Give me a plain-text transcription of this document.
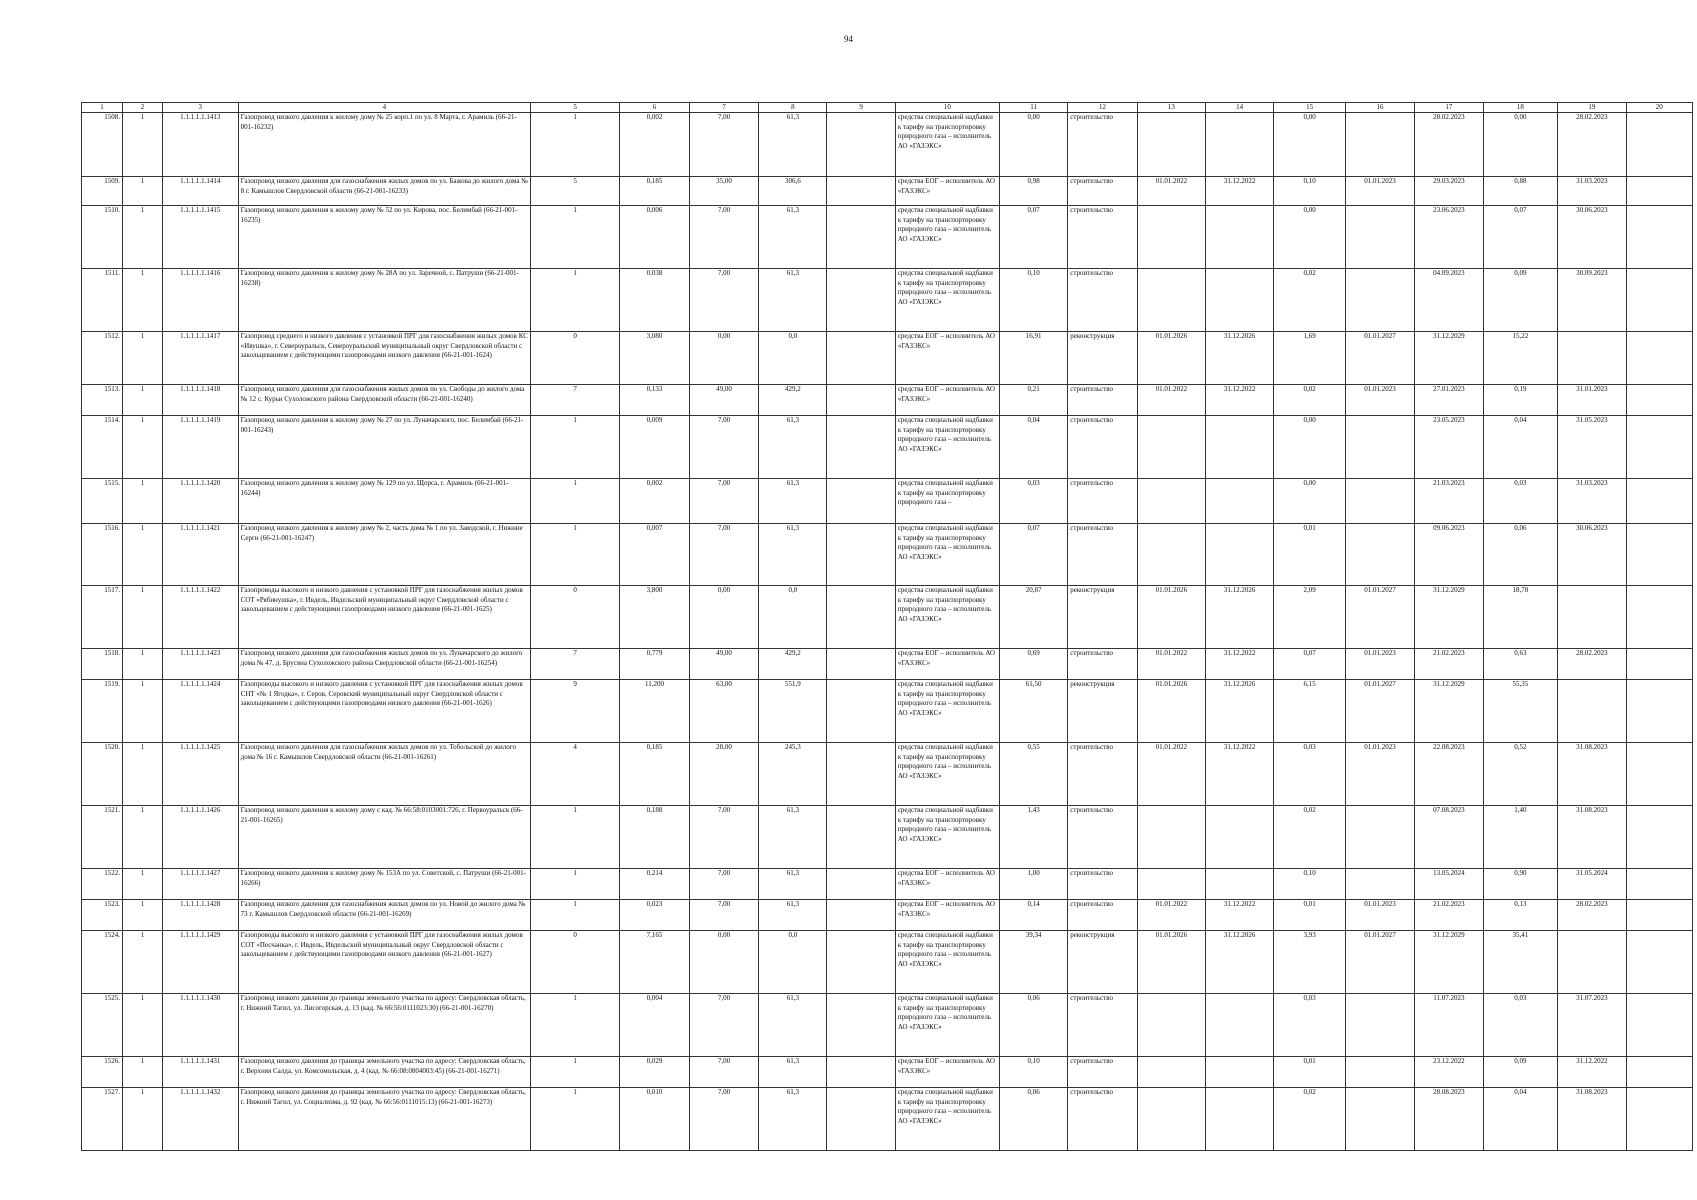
94
1	2	3	4	5	6	7	8	9	10	11	12	13	14	15	16	17	18	19	20
1508.	1	1.1.1.1.1.1413	Газопровод низкого давления к жилому дому № 25 корп.1 по ул. 8 Марта, г. Арамиль (66-21-001-16232)	1	0,002	7,00	61,3		средства специальной надбавки к тарифу на транспортировку природного газа – исполнитель АО «ГАЗЭКС»	0,00	строительство			0,00		28.02.2023	0,00	28.02.2023	
1509.	1	1.1.1.1.1.1414	Газопровод низкого давления для газоснабжения жилых домов по ул. Бажова до жилого дома № 8 г. Камышлов Свердловской области (66-21-001-16233)	5	0,185	35,00	306,6		средства ЕОГ – исполнитель АО «ГАЗЭКС»	0,98	строительство	01.01.2022	31.12.2022	0,10	01.01.2023	29.03.2023	0,88	31.03.2023	
1510.	1	1.1.1.1.1.1415	Газопровод низкого давления к жилому дому № 52 по ул. Кирова, пос. Белимбай (66-21-001-16235)	1	0,006	7,00	61,3		средства специальной надбавки к тарифу на транспортировку природного газа – исполнитель АО «ГАЗЭКС»	0,07	строительство			0,00		23.06.2023	0,07	30.06.2023	
1511.	1	1.1.1.1.1.1416	Газопровод низкого давления к жилому дому № 28А по ул. Заречной, с. Патруши (66-21-001-16238)	1	0,038	7,00	61,3		средства специальной надбавки к тарифу на транспортировку природного газа – исполнитель АО «ГАЗЭКС»	0,10	строительство			0,02		04.09.2023	0,09	30.09.2023	
1512.	1	1.1.1.1.1.1417	Газопровод среднего и низкого давления с установкой ПРГ для газоснабжения жилых домов КС «Ивушка», г. Североуральск, Североуральский муниципальный округ Свердловской области с закольцеванием с действующими газопроводами низкого давления (66-21-001-1624)	0	3,080	0,00	0,0		средства ЕОГ – исполнитель АО «ГАЗЭКС»	16,91	реконструкция	01.01.2026	31.12.2026	1,69	01.01.2027	31.12.2029	15,22		
1513.	1	1.1.1.1.1.1418	Газопровод низкого давления для газоснабжения жилых домов по ул. Свободы до жилого дома № 12 с. Курьи Сухоложского района Свердловской области (66-21-001-16240)	7	0,133	49,00	429,2		средства ЕОГ – исполнитель АО «ГАЗЭКС»	0,21	строительство	01.01.2022	31.12.2022	0,02	01.01.2023	27.01.2023	0,19	31.01.2023	
1514.	1	1.1.1.1.1.1419	Газопровод низкого давления к жилому дому № 27 по ул. Луначарского, пос. Белимбай (66-21-001-16243)	1	0,009	7,00	61,3		средства специальной надбавки к тарифу на транспортировку природного газа – исполнитель АО «ГАЗЭКС»	0,04	строительство			0,00		23.05.2023	0,04	31.05.2023	
1515.	1	1.1.1.1.1.1420	Газопровод низкого давления к жилому дому № 129 по ул. Щорса, г. Арамиль (66-21-001-16244)	1	0,002	7,00	61,3		средства специальной надбавки к тарифу на транспортировку природного газа –	0,03	строительство			0,00		21.03.2023	0,03	31.03.2023	
1516.	1	1.1.1.1.1.1421	Газопровод низкого давления к жилому дому № 2, часть дома № 1 по ул. Заводской, г. Нижние Серги (66-21-001-16247)	1	0,007	7,00	61,3		средства специальной надбавки к тарифу на транспортировку природного газа – исполнитель АО «ГАЗЭКС»	0,07	строительство			0,01		09.06.2023	0,06	30.06.2023	
1517.	1	1.1.1.1.1.1422	Газопроводы высокого и низкого давления с установкой ПРГ для газоснабжения жилых домов СОТ «Рябинушка», г. Ивдель, Ивдельский муниципальный округ Свердловской области с закольцеванием с действующими газопроводами низкого давления (66-21-001-1625)	0	3,800	0,00	0,0		средства специальной надбавки к тарифу на транспортировку природного газа – исполнитель АО «ГАЗЭКС»	20,87	реконструкция	01.01.2026	31.12.2026	2,09	01.01.2027	31.12.2029	18,78		
1518.	1	1.1.1.1.1.1423	Газопровод низкого давления для газоснабжения жилых домов по ул. Луначарского до жилого дома № 47, д. Брусяна Сухоложского района Свердловской области (66-21-001-16254)	7	0,779	49,00	429,2		средства ЕОГ – исполнитель АО «ГАЗЭКС»	0,69	строительство	01.01.2022	31.12.2022	0,07	01.01.2023	21.02.2023	0,63	28.02.2023	
1519.	1	1.1.1.1.1.1424	Газопроводы высокого и низкого давления с установкой ПРГ для газоснабжения жилых домов СНТ «№ 1 Ягодка», г. Серов, Серовский муниципальный округ Свердловской области с закольцеванием с действующими газопроводами низкого давления (66-21-001-1626)	9	11,200	63,00	551,9		средства специальной надбавки к тарифу на транспортировку природного газа – исполнитель АО «ГАЗЭКС»	61,50	реконструкция	01.01.2026	31.12.2026	6,15	01.01.2027	31.12.2029	55,35		
1520.	1	1.1.1.1.1.1425	Газопровод низкого давления для газоснабжения жилых домов по ул. Тобольской до жилого дома № 16 г. Камышлов Свердловской области (66-21-001-16261)	4	0,185	28,00	245,3		средства специальной надбавки к тарифу на транспортировку природного газа – исполнитель АО «ГАЗЭКС»	0,55	строительство	01.01.2022	31.12.2022	0,03	01.01.2023	22.08.2023	0,52	31.08.2023	
1521.	1	1.1.1.1.1.1426	Газопровод низкого давления к жилому дому с кад. № 66:58:0103001:726, г. Первоуральск (66-21-001-16265)	1	0,188	7,00	61,3		средства специальной надбавки к тарифу на транспортировку природного газа – исполнитель АО «ГАЗЭКС»	1,43	строительство			0,02		07.08.2023	1,40	31.08.2023	
1522.	1	1.1.1.1.1.1427	Газопровод низкого давления к жилому дому № 153А по ул. Советской, с. Патруши (66-21-001-16266)	1	0,214	7,00	61,3		средства ЕОГ – исполнитель АО «ГАЗЭКС»	1,00	строительство			0,10		13.05.2024	0,90	31.05.2024	
1523.	1	1.1.1.1.1.1428	Газопровод низкого давления для газоснабжения жилых домов по ул. Новой до жилого дома № 73 г. Камышлов Свердловской области (66-21-001-16269)	1	0,023	7,00	61,3		средства ЕОГ – исполнитель АО «ГАЗЭКС»	0,14	строительство	01.01.2022	31.12.2022	0,01	01.01.2023	21.02.2023	0,13	28.02.2023	
1524.	1	1.1.1.1.1.1429	Газопроводы высокого и низкого давления с установкой ПРГ для газоснабжения жилых домов СОТ «Песчанка», г. Ивдель, Ивдельский муниципальный округ Свердловской области с закольцеванием с действующими газопроводами низкого давления (66-21-001-1627)	0	7,165	0,00	0,0		средства специальной надбавки к тарифу на транспортировку природного газа – исполнитель АО «ГАЗЭКС»	39,34	реконструкция	01.01.2026	31.12.2026	3,93	01.01.2027	31.12.2029	35,41		
1525.	1	1.1.1.1.1.1430	Газопровод низкого давления до границы земельного участка по адресу: Свердловская область, г. Нижний Тагил, ул. Лисогорская, д. 13 (кад. № 66:56:0111023:30) (66-21-001-16270)	1	0,004	7,00	61,3		средства специальной надбавки к тарифу на транспортировку природного газа – исполнитель АО «ГАЗЭКС»	0,06	строительство			0,03		11.07.2023	0,03	31.07.2023	
1526.	1	1.1.1.1.1.1431	Газопровод низкого давления до границы земельного участка по адресу: Свердловская область, г. Верхняя Салда, ул. Комсомольская, д. 4 (кад. № 66:08:0804003:45) (66-21-001-16271)	1	0,029	7,00	61,3		средства ЕОГ – исполнитель АО «ГАЗЭКС»	0,10	строительство			0,01		23.12.2022	0,09	31.12.2022	
1527.	1	1.1.1.1.1.1432	Газопровод низкого давления до границы земельного участка по адресу: Свердловская область, г. Нижний Тагил, ул. Социализма, д. 92 (кад. № 66:56:0111015:13) (66-21-001-16273)	1	0,010	7,00	61,3		средства специальной надбавки к тарифу на транспортировку природного газа – исполнитель АО «ГАЗЭКС»	0,06	строительство			0,02		28.08.2023	0,04	31.08.2023	
